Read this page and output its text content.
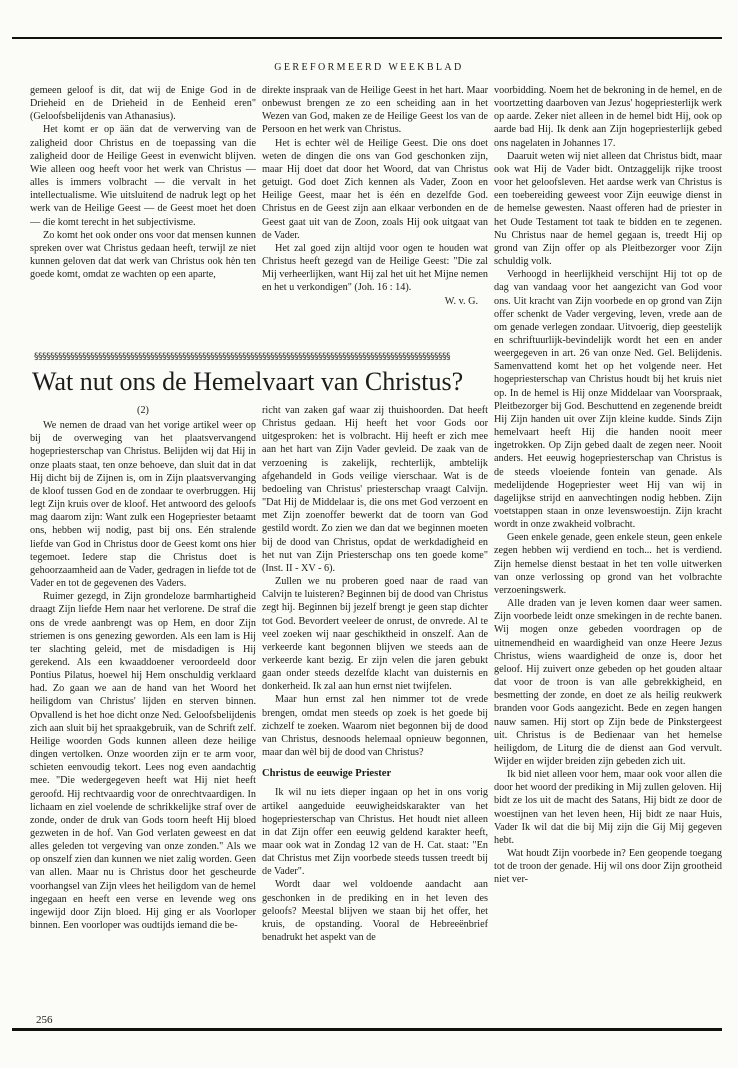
GEREFORMEERD WEEKBLAD

gemeen geloof is dit, dat wij de Enige God in de Drieheid en de Drieheid in de Eenheid eren" (Geloofsbelijdenis van Athanasius).

Het komt er op ään dat de verwerving van de zaligheid door Christus en de toepassing van die zaligheid door de Heilige Geest in evenwicht blijven. Wie alleen oog heeft voor het werk van Christus — alles is immers volbracht — die vervalt in het intellectualisme. Wie uitsluitend de nadruk legt op het werk van de Heilige Geest — de Geest moet het doen — die komt terecht in het subjectivisme.

Zo komt het ook onder ons voor dat mensen kunnen spreken over wat Christus gedaan heeft, terwijl ze niet kunnen geloven dat dat werk van Christus ook hèn ten goede komt, omdat ze wachten op een aparte,

direkte inspraak van de Heilige Geest in het hart. Maar onbewust brengen ze zo een scheiding aan in het Wezen van God, maken ze de Heilige Geest los van de Persoon en het werk van Christus.

Het is echter wèl de Heilige Geest. Die ons doet weten de dingen die ons van God geschonken zijn, maar Hij doet dat door het Woord, dat van Christus getuigt. God doet Zich kennen als Vader, Zoon en Heilige Geest, maar het is één en dezelfde God. Christus en de Geest zijn aan elkaar verbonden en de Geest gaat uit van de Zoon, zoals Hij ook uitgaat van de Vader.

Het zal goed zijn altijd voor ogen te houden wat Christus heeft gezegd van de Heilige Geest: "Die zal Mij verheerlijken, want Hij zal het uit het Mijne nemen en het u verkondigen" (Joh. 16 : 14).

W. v. G.

voorbidding. Noem het de bekroning in de hemel, en de voortzetting daarboven van Jezus' hogepriesterlijk werk op aarde. Zeker niet alleen in de hemel bidt Hij, ook op aarde bad Hij. Ik denk aan Zijn hogepriesterlijk gebed ons nagelaten in Johannes 17.

Daaruit weten wij niet alleen dat Christus bidt, maar ook wat Hij de Vader bidt. Ontzaggelijk rijke troost voor het geloofsleven. Het aardse werk van Christus is een toebereiding geweest voor Zijn eeuwige dienst in de hemelse gewesten. Naast offeren had de priester in het Oude Testament tot taak te bidden en te zegenen. Nu Christus naar de hemel gegaan is, treedt Hij op grond van Zijn offer op als Pleitbezorger voor Zijn schuldig volk.

Verhoogd in heerlijkheid verschijnt Hij tot op de dag van vandaag voor het aangezicht van God voor ons. Uit kracht van Zijn voorbede en op grond van Zijn offer schenkt de Vader vergeving, leven, vrede aan de om genade verlegen zondaar. Uitvoerig, diep geestelijk en schriftuurlijk-bevindelijk wordt het een en ander weergegeven in art. 26 van onze Ned. Gel. Belijdenis. Samenvattend komt het op het volgende neer. Het hogepriesterschap van Christus houdt bij het kruis niet op. In de hemel is Hij onze Middelaar van Voorspraak, Pleitbezorger bij God. Beschuttend en zegenende breidt Hij Zijn handen uit over Zijn kleine kudde. Sinds Zijn hemelvaart heeft Hij die handen nooit meer ingetrokken. Op Zijn gebed daalt de zegen neer. Nooit anders. Het eeuwig hogepriesterschap van Christus is de steeds vloeiende fontein van genade. Als medelijdende Hogepriester weet Hij van wij in dagelijkse strijd en aanvechtingen nodig hebben. Zijn voetstappen staan in onze levenswoestijn. Zijn kracht wordt in onze zwakheid volbracht.

Geen enkele genade, geen enkele steun, geen enkele zegen hebben wij verdiend en toch... het is verdiend. Zijn hemelse dienst bestaat in het ten volle uitwerken van onze verlossing op grond van het volbrachte verzoeningswerk.

Alle draden van je leven komen daar weer samen. Zijn voorbede leidt onze smekingen in de rechte banen. Wij mogen onze gebeden voordragen op de uitnemendheid en waardigheid van onze Heere Jezus Christus, wiens waardigheid de onze is, door het geloof. Hij zuivert onze gebeden op het gouden altaar dat voor de troon is van alle gebrekkigheid, en besmetting der zonde, en doet ze als heilig reukwerk branden voor Gods aangezicht. Bede en zegen hangen nauw samen. Hij stort op Zijn bede de Pinkstergeest uit. Christus is de Bedienaar van het hemelse heiligdom, de Liturg die de dienst aan God vervult. Wijder en wijder breiden zijn gebeden zich uit.

Ik bid niet alleen voor hem, maar ook voor allen die door het woord der prediking in Mij zullen geloven. Hij bidt ze los uit de macht des Satans, Hij bidt ze door de woestijnen van het leven heen, Hij bidt ze naar Huis, Vader Ik wil dat die bij Mij zijn die Gij Mij gegeven hebt.

Wat houdt Zijn voorbede in? Een geopende toegang tot de troon der genade. Hij wil ons door Zijn grootheid niet ver-

§§§§§§§§§§§§§§§§§§§§§§§§§§§§§§§§§§§§§§§§§§§§§§§§§§§§§§§§§§§§§§§§§§§§§§§§§§§§§§§§§§§§§§§§§§§§§§§§§§§§§§§§
Wat nut ons de Hemelvaart van Christus?

(2)

We nemen de draad van het vorige artikel weer op bij de overweging van het plaatsvervangend hogepriesterschap van Christus. Belijden wij dat Hij in onze plaats staat, ten onze behoeve, dan sluit dat in dat Hij dicht bij de Zijnen is, om in Zijn plaatsvervanging de kloof tussen God en de zondaar te overbruggen. Hij legt Zijn kruis over de kloof. Het antwoord des geloofs mag daarom zijn: Want zulk een Hogepriester betaamt ons, hebben wij nodig, past bij ons. Eén stralende liefde van God in Christus door de Geest komt ons hier tegemoet. Iedere stap die Christus doet is gehoorzaamheid aan de Vader, gedragen in liefde tot de Vader en tot de gegevenen des Vaders.

Ruimer gezegd, in Zijn grondeloze barmhartigheid draagt Zijn liefde Hem naar het verlorene. De straf die ons de vrede aanbrengt was op Hem, en door Zijn striemen is ons genezing geworden. Als een lam is Hij ter slachting geleid, met de misdadigen is Hij gerekend. Als een kwaaddoener veroordeeld door Pontius Pilatus, hoewel hij Hem onschuldig verklaard had. Zo gaan we aan de hand van het Woord het heiligdom van Christus' lijden en sterven binnen. Opvallend is het hoe dicht onze Ned. Geloofsbelijdenis zich aan sluit bij het spraakgebruik, van de Schrift zelf. Heilige woorden Gods kunnen alleen deze heilige dingen vertolken. Onze woorden zijn er te arm voor, schieten eenvoudig tekort. Lees nog even aandachtig mee. "Die wedergegeven heeft wat Hij niet heeft geroofd. Hij rechtvaardig voor de onrechtvaardigen. In lichaam en ziel voelende de schrikkelijke straf over de zonde, onder de druk van Gods toorn heeft Hij bloed gezweten in de hof. Van God verlaten geweest en dat alles geleden tot vergeving van onze zonden." Als we op onszelf zien dan kunnen we niet zalig worden. Geen van allen. Maar nu is Christus door het gescheurde voorhangsel van Zijn vlees het heiligdom van de hemel ingegaan en heeft een verse en levende weg ons ingewijd door Zijn bloed. Hij ging er als Voorloper binnen. Een voorloper was oudtijds iemand die be-

richt van zaken gaf waar zij thuishoorden. Dat heeft Christus gedaan. Hij heeft het voor Gods oor uitgesproken: het is volbracht. Hij heeft er zich mee aan het hart van Zijn Vader gevleid. De zaak van de verzoening is zakelijk, rechterlijk, ambtelijk afgehandeld in Gods veilige vierschaar. Wat is de bedoeling van Christus' priesterschap vraagt Calvijn. "Dat Hij de Middelaar is, die ons met God verzoent en met Zijn zoenoffer bewerkt dat de toorn van God gestild wordt. Zo zien we dan dat we beginnen moeten bij de dood van Christus, opdat de werkdadigheid en het nut van Zijn Priesterschap ons ten goede kome" (Inst. II - XV - 6).

Zullen we nu proberen goed naar de raad van Calvijn te luisteren? Beginnen bij de dood van Christus zegt hij. Beginnen bij jezelf brengt je geen stap dichter tot God. Bevordert veeleer de onrust, de onvrede. Al te veel zoeken wij naar geschiktheid in onszelf. Aan de verkeerde kant begonnen blijven we steeds aan de verkeerde kant bezig. Er zijn velen die jaren gebukt gaan onder steeds dezelfde klacht van duisternis en donkerheid. Ik zal aan hun ernst niet twijfelen.

Maar hun ernst zal hen nimmer tot de vrede brengen, omdat men steeds op zoek is het goede bij zichzelf te zoeken. Waarom niet begonnen bij de dood van Christus, desnoods helemaal opnieuw begonnen, maar dan wèl bij de dood van Christus?

Christus de eeuwige Priester

Ik wil nu iets dieper ingaan op het in ons vorig artikel aangeduide eeuwigheidskarakter van het hogepriesterschap van Christus. Het houdt niet alleen in dat Zijn offer een eeuwig geldend karakter heeft, maar ook wat in Zondag 12 van de H. Cat. staat: "En dat Christus met Zijn voorbede steeds tussen treedt bij de Vader".

Wordt daar wel voldoende aandacht aan geschonken in de prediking en in het leven des geloofs? Meestal blijven we staan bij het offer, het kruis, de opstanding. Vooral de Hebreeënbrief benadrukt het aspekt van de

256
